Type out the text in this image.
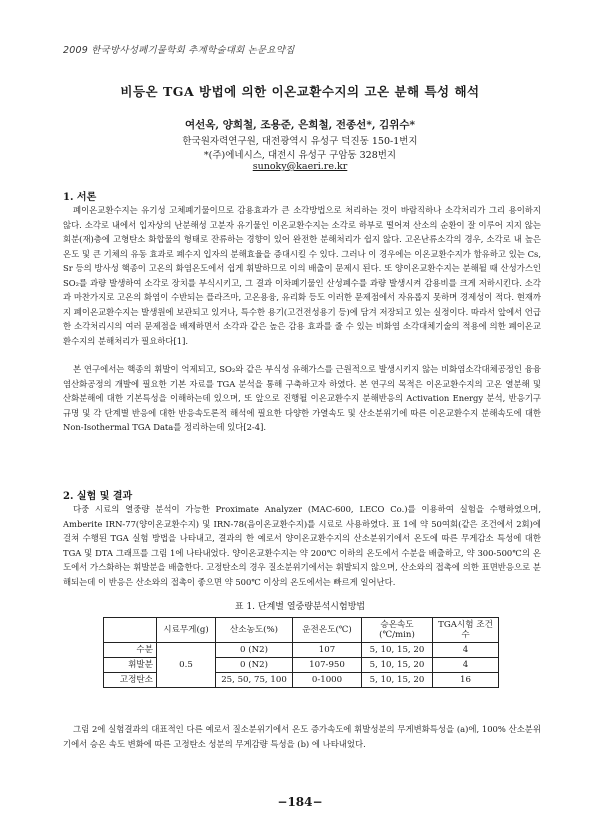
2009 한국방사성폐기물학회 추계학술대회 논문요약집
비등온 TGA 방법에 의한 이온교환수지의 고온 분해 특성 해석
여선옥, 양희철, 조용준, 은희철, 전종선*, 김위수*
한국원자력연구원, 대전광역시 유성구 덕진동 150-1번지
*(주)에네시스, 대전시 유성구 구암동 328번지
sunoky@kaeri.re.kr
1. 서론

폐이온교환수지는 유기성 고체폐기물이므로 감용효과가 큰 소각방법으로 처리하는 것이 바람직하나 소각처리가 그리 용이하지 않다. 소각로 내에서 입자상의 난분해성 고분자 유기물인 이온교환수지는 소각로 하부로 떨어져 산소의 순환이 잘 이루어 지지 않는 회분(재)층에 고형탄소 화합물의 형태로 잔류하는 경향이 있어 완전한 분해처리가 쉽지 않다. 고온난류소각의 경우, 소각로 내 높은 온도 및 큰 기체의 유동 효과로 폐수지 입자의 분해효율을 증대시킬 수 있다. 그러나 이 경우에는 이온교환수지가 함유하고 있는 Cs, Sr 등의 방사성 핵종이 고온의 화염온도에서 쉽게 휘발하므로 이의 배출이 문제시 된다. 또 양이온교환수지는 분해될 때 산성가스인 SO₂를 과량 발생하여 소각로 장치를 부식시키고, 그 결과 이차폐기물인 산성폐수를 과량 발생시켜 감용비를 크게 저하시킨다. 소각과 마찬가지로 고온의 화염이 수반되는 플라즈마, 고온용융, 유리화 등도 이러한 문제점에서 자유롭지 못하며 경제성이 적다. 현재까지 폐이온교환수지는 발생원에 보관되고 있거나, 특수한 용기(고건전성용기 등)에 담겨 저장되고 있는 실정이다. 따라서 앞에서 언급한 소각처리시의 여러 문제점을 배제하면서 소각과 같은 높은 감용 효과를 줄 수 있는 비화염 소각대체기술의 적용에 의한 폐이온교환수지의 분해처리가 필요하다[1].

본 연구에서는 핵종의 휘발이 억제되고, SO₂와 같은 부식성 유해가스를 근원적으로 발생시키지 않는 비화염소각대체공정인 융융염산화공정의 개발에 필요한 기본 자료를 TGA 분석을 통해 구축하고자 하였다. 본 연구의 목적은 이온교환수지의 고온 열분해 및 산화분해에 대한 기본특성을 이해하는데 있으며, 또 앞으로 진행될 이온교환수지 분해반응의 Activation Energy 분석, 반응기구 규명 및 각 단계별 반응에 대한 반응속도론적 해석에 필요한 다양한 가열속도 및 산소분위기에 따른 이온교환수지 분해속도에 대한 Non-Isothermal TGA Data를 정리하는데 있다[2-4].

2. 실험 및 결과

다중 시료의 열중량 분석이 가능한 Proximate Analyzer (MAC-600, LECO Co.)를 이용하여 실험을 수행하였으며, Amberite IRN-77(양이온교환수지) 및 IRN-78(음이온교환수지)를 시료로 사용하였다. 표 1에 약 50여회(같은 조건에서 2회)에 걸쳐 수행된 TGA 실험 방법을 나타내고, 결과의 한 예로서 양이온교환수지의 산소분위기에서 온도에 따른 무게감소 특성에 대한 TGA 및 DTA 그래프를 그림 1에 나타내었다. 양이온교환수지는 약 200℃ 이하의 온도에서 수분을 배출하고, 약 300-500℃의 온도에서 가스화하는 휘발분을 배출한다. 고정탄소의 경우 질소분위기에서는 휘발되지 않으며, 산소와의 접촉에 의한 표면반응으로 분해되는데 이 반응은 산소와의 접촉이 좋으면 약 500℃ 이상의 온도에서는 빠르게 일어난다.

표 1. 단계별 열중량분석시험방법
	시료무게(g)	산소농도(%)	운전온도(℃)	승온속도(℃/min)	TGA시험 조건수
수분	0.5	0 (N2)	107	5, 10, 15, 20	4
휘발분		0 (N2)	107-950	5, 10, 15, 20	4
고정탄소		25, 50, 75, 100	0-1000	5, 10, 15, 20	16

그림 2에 실험결과의 대표적인 다른 예로서 질소분위기에서 온도 증가속도에 휘발성분의 무게변화특성을 (a)에, 100% 산소분위기에서 승온 속도 변화에 따른 고정탄소 성분의 무게감량 특성을 (b) 에 나타내었다.

−184−
